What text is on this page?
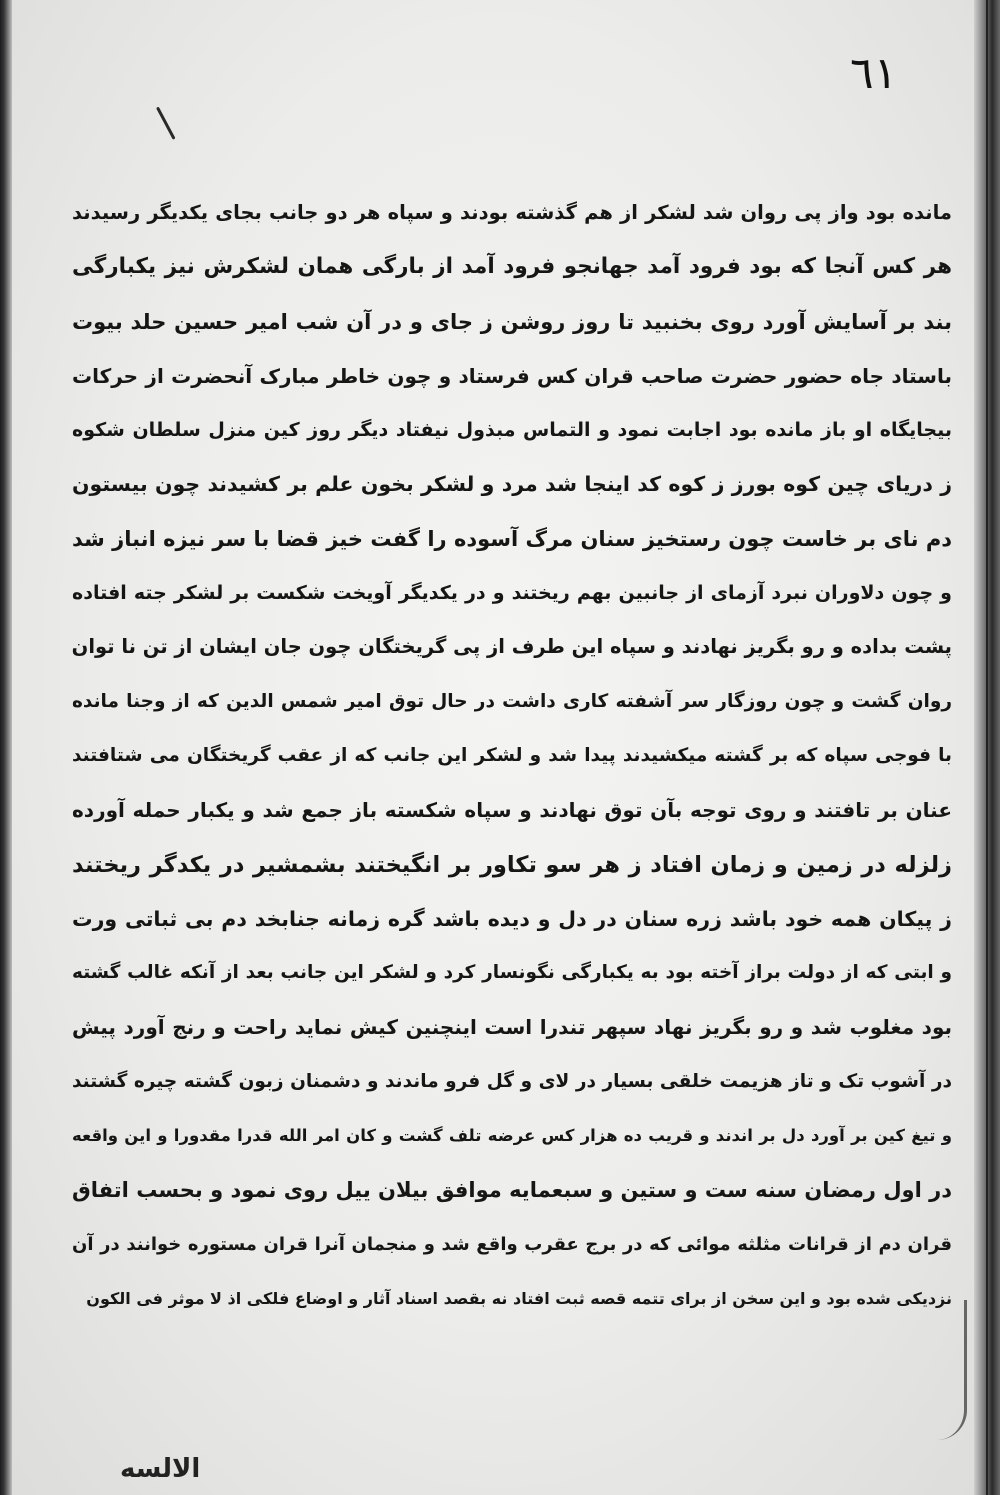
٦١
مانده بود واز پی روان شد لشکر از هم گذشته بودند و سپاه هر دو جانب بجای یکدیگر رسیدند
هر کس آنجا که بود فرود آمد جهانجو فرود آمد از بارگی همان لشکرش نیز یکبارگی
بند بر آسایش آورد روی بخنبید تا روز روشن ز جای و در آن شب امیر حسین حلد بیوت
باستاد جاه حضور حضرت صاحب قران کس فرستاد و چون خاطر مبارک آنحضرت از حرکات
بیجایگاه او باز مانده بود اجابت نمود و التماس مبذول نیفتاد دیگر روز کین منزل سلطان شکوه
ز دریای چین کوه بورز ز کوه کد اینجا شد مرد و لشکر بخون علم بر کشیدند چون بیستون
دم نای بر خاست چون رستخیز سنان مرگ آسوده را گفت خیز قضا با سر نیزه انباز شد
و چون دلاوران نبرد آزمای از جانبین بهم ریختند و در یکدیگر آویخت شکست بر لشکر جته افتاده
پشت بداده و رو بگریز نهادند و سپاه این طرف از پی گریختگان چون جان ایشان از تن نا توان
روان گشت و چون روزگار سر آشفته کاری داشت در حال توق امیر شمس الدین که از وجنا مانده
با فوجی سپاه که بر گشته میکشیدند پیدا شد و لشکر این جانب که از عقب گریختگان می شتافتند
عنان بر تافتند و روی توجه بآن توق نهادند و سپاه شکسته باز جمع شد و یکبار حمله آورده
زلزله در زمین و زمان افتاد ز هر سو تکاور بر انگیختند بشمشیر در یکدگر ریختند
ز پیکان همه خود باشد زره سنان در دل و دیده باشد گره زمانه جنابخد دم بی ثباتی ورت
و ابتی که از دولت براز آخته بود به یکبارگی نگونسار کرد و لشکر این جانب بعد از آنکه غالب گشته
بود مغلوب شد و رو بگریز نهاد سپهر تندرا است اینچنین کیش نماید راحت و رنج آورد پیش
در آشوب تک و تاز هزیمت خلقی بسیار در لای و گل فرو ماندند و دشمنان زبون گشته چیره گشتند
و تیغ کین بر آورد دل بر اندند و قریب ده هزار کس عرضه تلف گشت و کان امر الله قدرا مقدورا و این واقعه
در اول رمضان سنه ست و ستین و سبعمایه موافق بیلان ییل روی نمود و بحسب اتفاق
قران دم از قرانات مثلثه موائی که در برج عقرب واقع شد و منجمان آنرا قران مستوره خوانند در آن
نزدیکی شده بود و این سخن از برای تتمه قصه ثبت افتاد نه بقصد اسناد آثار و اوضاع فلکی اذ لا موثر فی الکون
الالسه
